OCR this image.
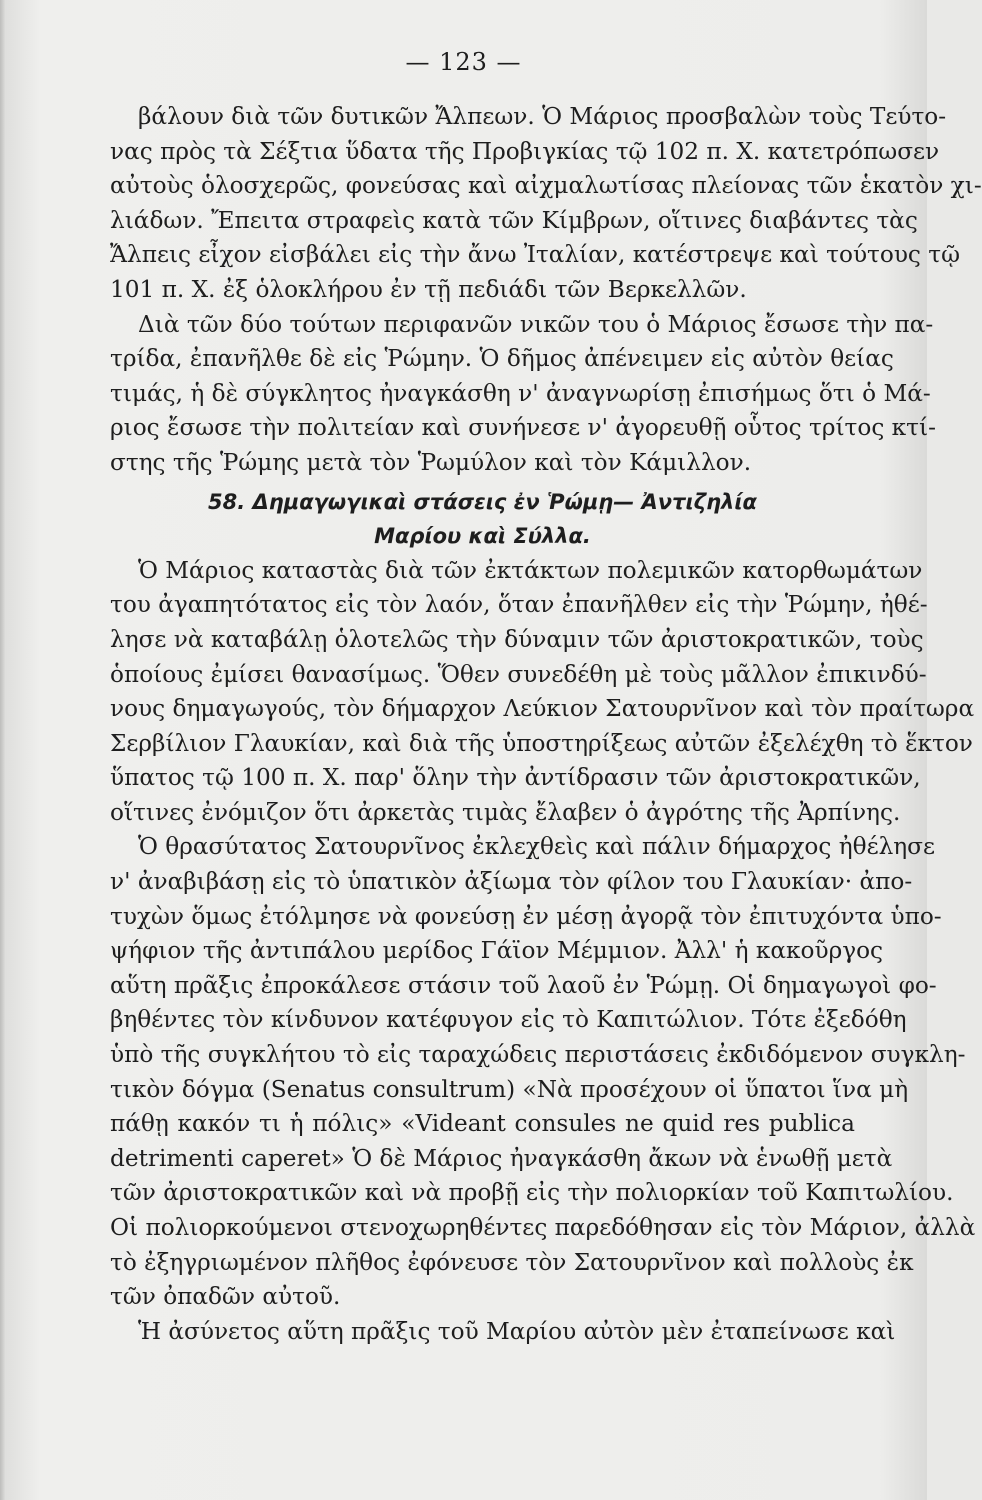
— 123 —
βάλουν διὰ τῶν δυτικῶν Ἄλπεων. Ὁ Μάριος προσβαλὼν τοὺς Τεύτο-
νας πρὸς τὰ Σέξτια ὕδατα τῆς Προβιγκίας τῷ 102 π. Χ. κατετρόπωσεν
αὐτοὺς ὁλοσχερῶς, φονεύσας καὶ αἰχμαλωτίσας πλείονας τῶν ἑκατὸν χι-
λιάδων. Ἔπειτα στραφεὶς κατὰ τῶν Κίμβρων, οἵτινες διαβάντες τὰς
Ἄλπεις εἶχον εἰσβάλει εἰς τὴν ἄνω Ἰταλίαν, κατέστρεψε καὶ τούτους τῷ
101 π. Χ. ἐξ ὁλοκλήρου ἐν τῇ πεδιάδι τῶν Βερκελλῶν.
Διὰ τῶν δύο τούτων περιφανῶν νικῶν του ὁ Μάριος ἔσωσε τὴν πα-
τρίδα, ἐπανῆλθε δὲ εἰς Ῥώμην. Ὁ δῆμος ἀπένειμεν εἰς αὐτὸν θείας
τιμάς, ἡ δὲ σύγκλητος ἠναγκάσθη ν' ἀναγνωρίσῃ ἐπισήμως ὅτι ὁ Μά-
ριος ἔσωσε τὴν πολιτείαν καὶ συνήνεσε ν' ἀγορευθῇ οὗτος τρίτος κτί-
στης τῆς Ῥώμης μετὰ τὸν Ῥωμύλον καὶ τὸν Κάμιλλον.
58. Δημαγωγικαὶ στάσεις ἐν Ῥώμῃ— Ἀντιζηλία
Μαρίου καὶ Σύλλα.
Ὁ Μάριος καταστὰς διὰ τῶν ἐκτάκτων πολεμικῶν κατορθωμάτων
του ἀγαπητότατος εἰς τὸν λαόν, ὅταν ἐπανῆλθεν εἰς τὴν Ῥώμην, ἠθέ-
λησε νὰ καταβάλῃ ὁλοτελῶς τὴν δύναμιν τῶν ἀριστοκρατικῶν, τοὺς
ὁποίους ἐμίσει θανασίμως. Ὅθεν συνεδέθη μὲ τοὺς μᾶλλον ἐπικινδύ-
νους δημαγωγούς, τὸν δήμαρχον Λεύκιον Σατουρνῖνον καὶ τὸν πραίτωρα
Σερβίλιον Γλαυκίαν, καὶ διὰ τῆς ὑποστηρίξεως αὐτῶν ἐξελέχθη τὸ ἕκτον
ὕπατος τῷ 100 π. Χ. παρ' ὅλην τὴν ἀντίδρασιν τῶν ἀριστοκρατικῶν,
οἵτινες ἐνόμιζον ὅτι ἀρκετὰς τιμὰς ἔλαβεν ὁ ἀγρότης τῆς Ἀρπίνης.
Ὁ θρασύτατος Σατουρνῖνος ἐκλεχθεὶς καὶ πάλιν δήμαρχος ἠθέλησε
ν' ἀναβιβάσῃ εἰς τὸ ὑπατικὸν ἀξίωμα τὸν φίλον του Γλαυκίαν· ἀπο-
τυχὼν ὅμως ἐτόλμησε νὰ φονεύσῃ ἐν μέσῃ ἀγορᾷ τὸν ἐπιτυχόντα ὑπο-
ψήφιον τῆς ἀντιπάλου μερίδος Γάϊον Μέμμιον. Ἀλλ' ἡ κακοῦργος
αὕτη πρᾶξις ἐπροκάλεσε στάσιν τοῦ λαοῦ ἐν Ῥώμῃ. Οἱ δημαγωγοὶ φο-
βηθέντες τὸν κίνδυνον κατέφυγον εἰς τὸ Καπιτώλιον. Τότε ἐξεδόθη
ὑπὸ τῆς συγκλήτου τὸ εἰς ταραχώδεις περιστάσεις ἐκδιδόμενον συγκλη-
τικὸν δόγμα (Senatus consultrum) «Νὰ προσέχουν οἱ ὕπατοι ἵνα μὴ
πάθῃ κακόν τι ἡ πόλις» «Videant consules ne quid res publica
detrimenti caperet» Ὁ δὲ Μάριος ἠναγκάσθη ἄκων νὰ ἑνωθῇ μετὰ
τῶν ἀριστοκρατικῶν καὶ νὰ προβῇ εἰς τὴν πολιορκίαν τοῦ Καπιτωλίου.
Οἱ πολιορκούμενοι στενοχωρηθέντες παρεδόθησαν εἰς τὸν Μάριον, ἀλλὰ
τὸ ἐξηγριωμένον πλῆθος ἐφόνευσε τὸν Σατουρνῖνον καὶ πολλοὺς ἐκ
τῶν ὀπαδῶν αὐτοῦ.
Ἡ ἀσύνετος αὕτη πρᾶξις τοῦ Μαρίου αὐτὸν μὲν ἐταπείνωσε καὶ
